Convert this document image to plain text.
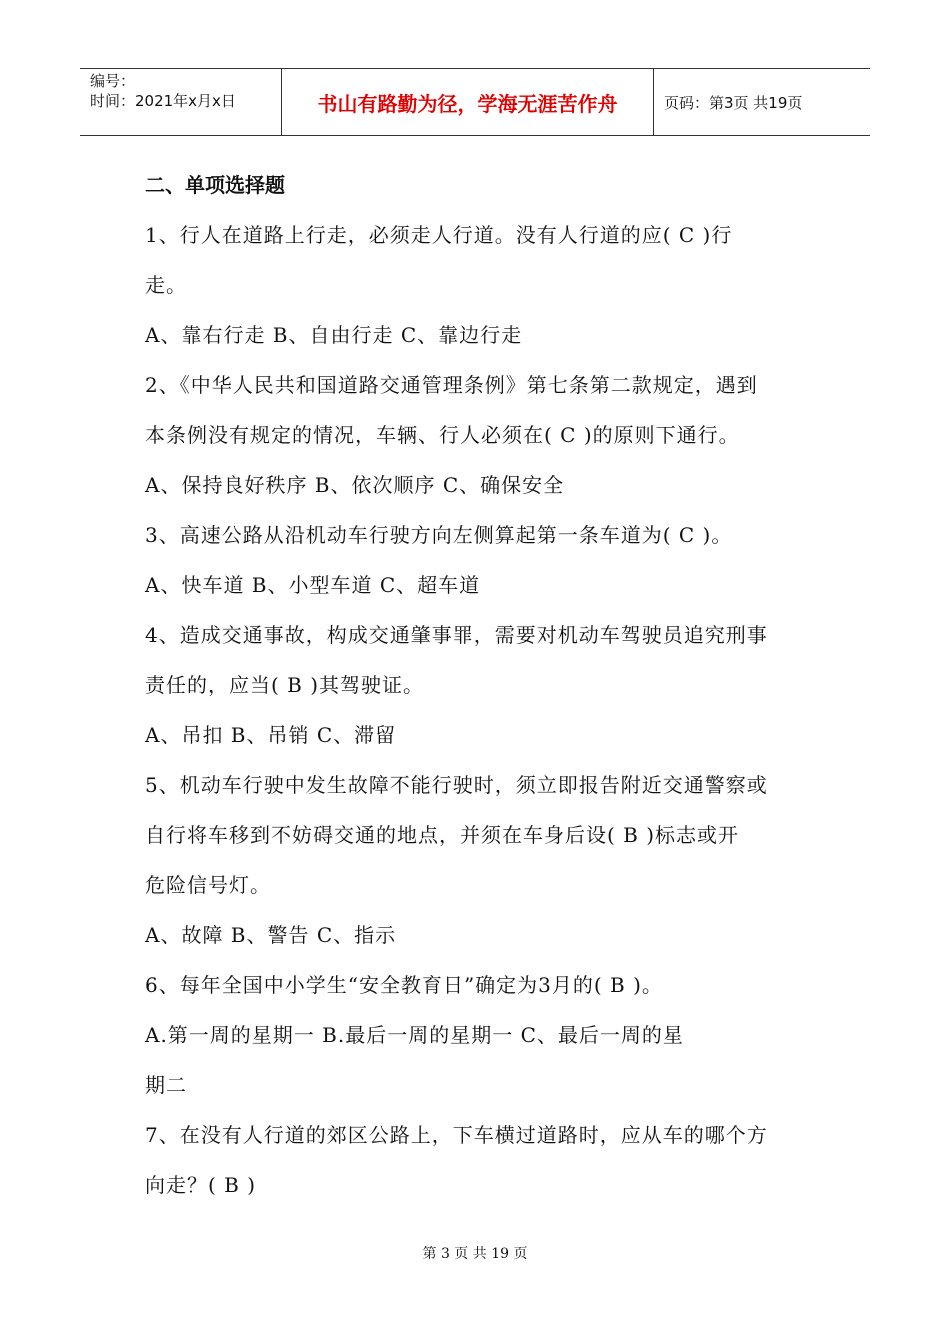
编号：
时间：2021年x月x日	书山有路勤为径，学海无涯苦作舟	页码：第3页 共19页
二、单项选择题
1、行人在道路上行走，必须走人行道。没有人行道的应( C )行
走。
A、靠右行走 B、自由行走 C、靠边行走
2、《中华人民共和国道路交通管理条例》第七条第二款规定，遇到
本条例没有规定的情况，车辆、行人必须在( C )的原则下通行。
A、保持良好秩序 B、依次顺序 C、确保安全
3、高速公路从沿机动车行驶方向左侧算起第一条车道为( C )。
A、快车道 B、小型车道 C、超车道
4、造成交通事故，构成交通肇事罪，需要对机动车驾驶员追究刑事
责任的，应当( B )其驾驶证。
A、吊扣 B、吊销 C、滞留
5、机动车行驶中发生故障不能行驶时，须立即报告附近交通警察或
自行将车移到不妨碍交通的地点，并须在车身后设( B )标志或开
危险信号灯。
A、故障 B、警告 C、指示
6、每年全国中小学生“安全教育日”确定为3月的( B )。
A.第一周的星期一 B.最后一周的星期一 C、最后一周的星
期二
7、在没有人行道的郊区公路上，下车横过道路时，应从车的哪个方
向走？( B )
第 3 页 共 19 页
